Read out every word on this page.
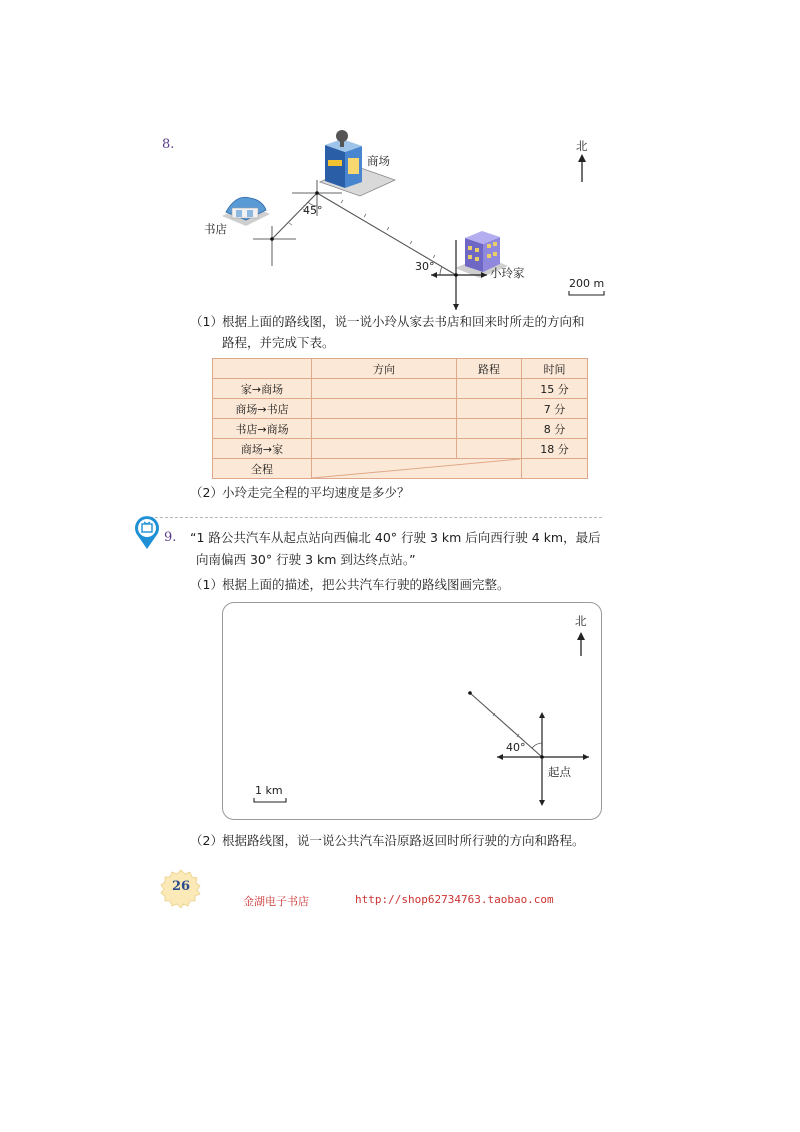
8.
商场
书店
小玲家
北
45°
30°
200 m
（1） 根据上面的路线图，说一说小玲从家去书店和回来时所走的方向和
路程，并完成下表。
	方向	路程	时间
家→商场			15 分
商场→书店			7 分
书店→商场			8 分
商场→家			18 分
全程	

（2） 小玲走完全程的平均速度是多少？
9. “1 路公共汽车从起点站向西偏北 40° 行驶 3 km 后向西行驶 4 km，最后
向南偏西 30° 行驶 3 km 到达终点站。”
（1） 根据上面的描述，把公共汽车行驶的路线图画完整。
北
40°
起点
1 km
（2） 根据路线图，说一说公共汽车沿原路返回时所行驶的方向和路程。
26
金湖电子书店	http://shop62734763.taobao.com
